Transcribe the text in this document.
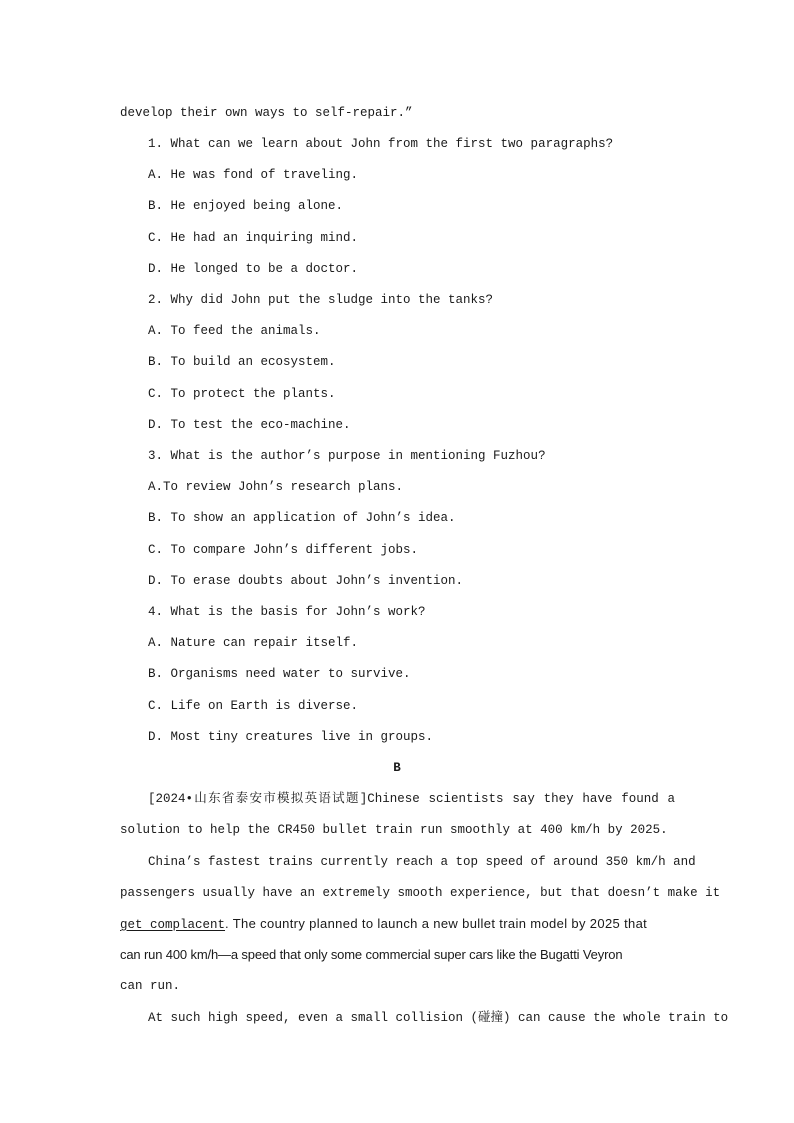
develop their own ways to self-repair.”
1. What can we learn about John from the first two paragraphs?
A. He was fond of traveling.
B. He enjoyed being alone.
C. He had an inquiring mind.
D. He longed to be a doctor.
2. Why did John put the sludge into the tanks?
A. To feed the animals.
B. To build an ecosystem.
C. To protect the plants.
D. To test the eco-machine.
3. What is the author’s purpose in mentioning Fuzhou?
A.To review John’s research plans.
B. To show an application of John’s idea.
C. To compare John’s different jobs.
D. To erase doubts about John’s invention.
4. What is the basis for John’s work?
A. Nature can repair itself.
B. Organisms need water to survive.
C. Life on Earth is diverse.
D. Most tiny creatures live in groups.
B
[2024•山东省泰安市模拟英语试题]Chinese scientists say they have found a
solution to help the CR450 bullet train run smoothly at 400 km/h by 2025.
China’s fastest trains currently reach a top speed of around 350 km/h and
passengers usually have an extremely smooth experience, but that doesn’t make it
get complacent. The country planned to launch a new bullet train model by 2025 that
can run 400 km/h—a speed that only some commercial super cars like the Bugatti Veyron
can run.
At such high speed, even a small collision (碰撞) can cause the whole train to
